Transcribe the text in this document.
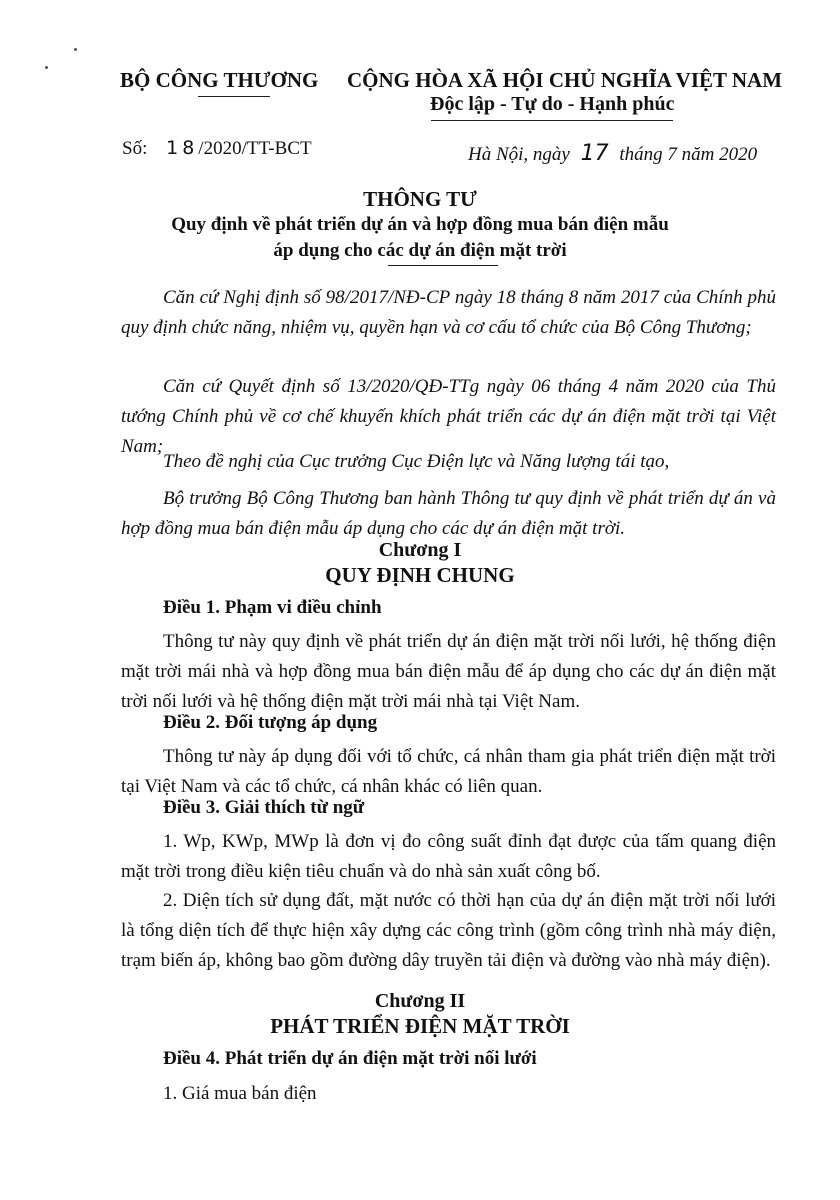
BỘ CÔNG THƯƠNG CỘNG HÒA XÃ HỘI CHỦ NGHĨA VIỆT NAM
Độc lập - Tự do - Hạnh phúc
Số: 18/2020/TT-BCT	Hà Nội, ngày 17 tháng 7 năm 2020
THÔNG TƯ
Quy định về phát triển dự án và hợp đồng mua bán điện mẫu
áp dụng cho các dự án điện mặt trời
Căn cứ Nghị định số 98/2017/NĐ-CP ngày 18 tháng 8 năm 2017 của Chính phủ quy định chức năng, nhiệm vụ, quyền hạn và cơ cấu tổ chức của Bộ Công Thương;
Căn cứ Quyết định số 13/2020/QĐ-TTg ngày 06 tháng 4 năm 2020 của Thủ tướng Chính phủ về cơ chế khuyến khích phát triển các dự án điện mặt trời tại Việt Nam;
Theo đề nghị của Cục trưởng Cục Điện lực và Năng lượng tái tạo,
Bộ trưởng Bộ Công Thương ban hành Thông tư quy định về phát triển dự án và hợp đồng mua bán điện mẫu áp dụng cho các dự án điện mặt trời.
Chương I
QUY ĐỊNH CHUNG
Điều 1. Phạm vi điều chỉnh
Thông tư này quy định về phát triển dự án điện mặt trời nối lưới, hệ thống điện mặt trời mái nhà và hợp đồng mua bán điện mẫu để áp dụng cho các dự án điện mặt trời nối lưới và hệ thống điện mặt trời mái nhà tại Việt Nam.
Điều 2. Đối tượng áp dụng
Thông tư này áp dụng đối với tổ chức, cá nhân tham gia phát triển điện mặt trời tại Việt Nam và các tổ chức, cá nhân khác có liên quan.
Điều 3. Giải thích từ ngữ
1. Wp, KWp, MWp là đơn vị đo công suất đỉnh đạt được của tấm quang điện mặt trời trong điều kiện tiêu chuẩn và do nhà sản xuất công bố.
2. Diện tích sử dụng đất, mặt nước có thời hạn của dự án điện mặt trời nối lưới là tổng diện tích để thực hiện xây dựng các công trình (gồm công trình nhà máy điện, trạm biến áp, không bao gồm đường dây truyền tải điện và đường vào nhà máy điện).
Chương II
PHÁT TRIỂN ĐIỆN MẶT TRỜI
Điều 4. Phát triển dự án điện mặt trời nối lưới
1. Giá mua bán điện
